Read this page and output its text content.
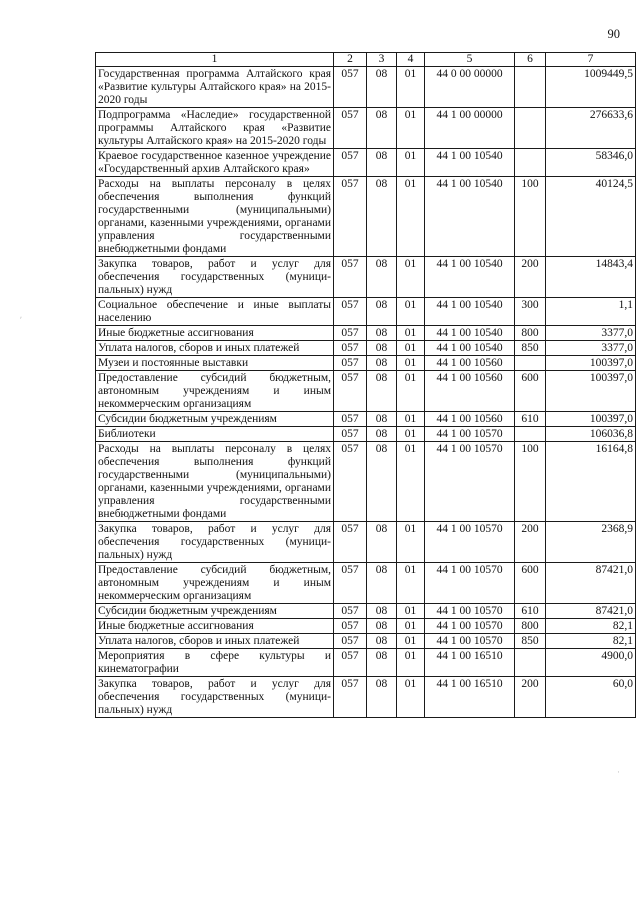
90
1	2	3	4	5	6	7
Государственная программа Алтайского края «Развитие культуры Алтайского края» на 2015-2020 годы	057	08	01	44 0 00 00000		1009449,5
Подпрограмма «Наследие» государственной программы Алтайского края «Развитие культуры Алтайского края» на 2015-2020 годы	057	08	01	44 1 00 00000		276633,6
Краевое государственное казенное учреждение «Государственный архив Алтайского края»	057	08	01	44 1 00 10540		58346,0
Расходы на выплаты персоналу в целях обеспечения выполнения функций государственными (муниципальными) органами, казенными учреждениями, органами управления государственными внебюджетными фондами	057	08	01	44 1 00 10540	100	40124,5
Закупка товаров, работ и услуг для обеспечения государственных (муниципальных) нужд	057	08	01	44 1 00 10540	200	14843,4
Социальное обеспечение и иные выплаты населению	057	08	01	44 1 00 10540	300	1,1
Иные бюджетные ассигнования	057	08	01	44 1 00 10540	800	3377,0
Уплата налогов, сборов и иных платежей	057	08	01	44 1 00 10540	850	3377,0
Музеи и постоянные выставки	057	08	01	44 1 00 10560		100397,0
Предоставление субсидий бюджетным, автономным учреждениям и иным некоммерческим организациям	057	08	01	44 1 00 10560	600	100397,0
Субсидии бюджетным учреждениям	057	08	01	44 1 00 10560	610	100397,0
Библиотеки	057	08	01	44 1 00 10570		106036,8
Расходы на выплаты персоналу в целях обеспечения выполнения функций государственными (муниципальными) органами, казенными учреждениями, органами управления государственными внебюджетными фондами	057	08	01	44 1 00 10570	100	16164,8
Закупка товаров, работ и услуг для обеспечения государственных (муниципальных) нужд	057	08	01	44 1 00 10570	200	2368,9
Предоставление субсидий бюджетным, автономным учреждениям и иным некоммерческим организациям	057	08	01	44 1 00 10570	600	87421,0
Субсидии бюджетным учреждениям	057	08	01	44 1 00 10570	610	87421,0
Иные бюджетные ассигнования	057	08	01	44 1 00 10570	800	82,1
Уплата налогов, сборов и иных платежей	057	08	01	44 1 00 10570	850	82,1
Мероприятия в сфере культуры и кинематографии	057	08	01	44 1 00 16510		4900,0
Закупка товаров, работ и услуг для обеспечения государственных (муниципальных) нужд	057	08	01	44 1 00 16510	200	60,0
ʹ
·
